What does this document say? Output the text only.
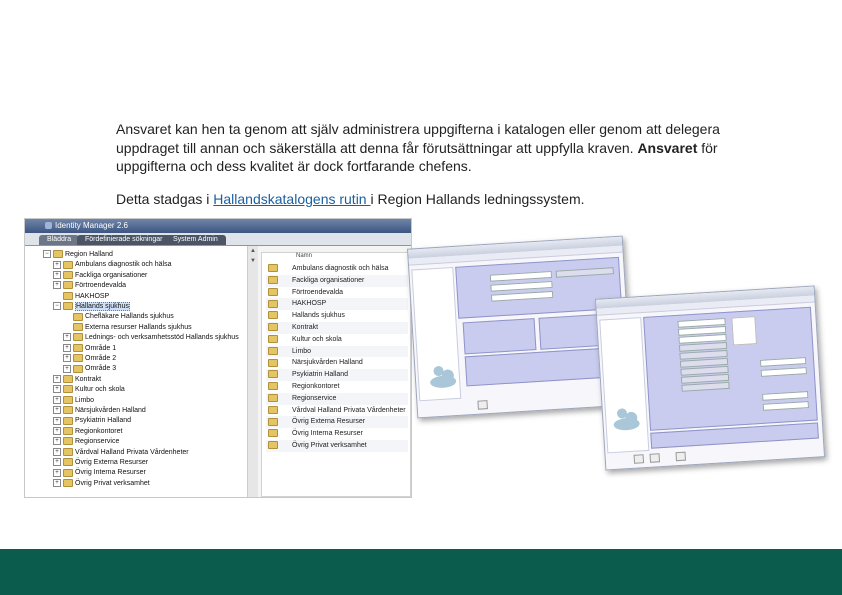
Ansvaret kan hen ta genom att själv administrera uppgifterna i katalogen eller genom att delegera uppdraget till annan och säkerställa att denna får förutsättningar att uppfylla kraven. Ansvaret för uppgifterna och dess kvalitet är dock fortfarande chefens.

Detta stadgas i Hallandskatalogens rutin i Region Hallands ledningssystem.

Identity Manager 2.6
Bläddra	Fördefinierade sökningar	System Admin
− Region Halland
+ Ambulans diagnostik och hälsa
+ Fackliga organisationer
+ Förtroendevalda
HAKHOSP
− Hallands sjukhus
Chefläkare Hallands sjukhus
Externa resurser Hallands sjukhus
+ Lednings- och verksamhetsstöd Hallands sjukhus
+ Område 1
+ Område 2
+ Område 3
+ Kontrakt
+ Kultur och skola
+ Limbo
+ Närsjukvården Halland
+ Psykiatrin Halland
+ Regionkontoret
+ Regionservice
+ Vårdval Halland Privata Vårdenheter
+ Övrig Externa Resurser
+ Övrig Interna Resurser
+ Övrig Privat verksamhet
▲
▼
Namn
Ambulans diagnostik och hälsa
Fackliga organisationer
Förtroendevalda
HAKHOSP
Hallands sjukhus
Kontrakt
Kultur och skola
Limbo
Närsjukvården Halland
Psykiatrin Halland
Regionkontoret
Regionservice
Vårdval Halland Privata Vårdenheter
Övrig Externa Resurser
Övrig Interna Resurser
Övrig Privat verksamhet
